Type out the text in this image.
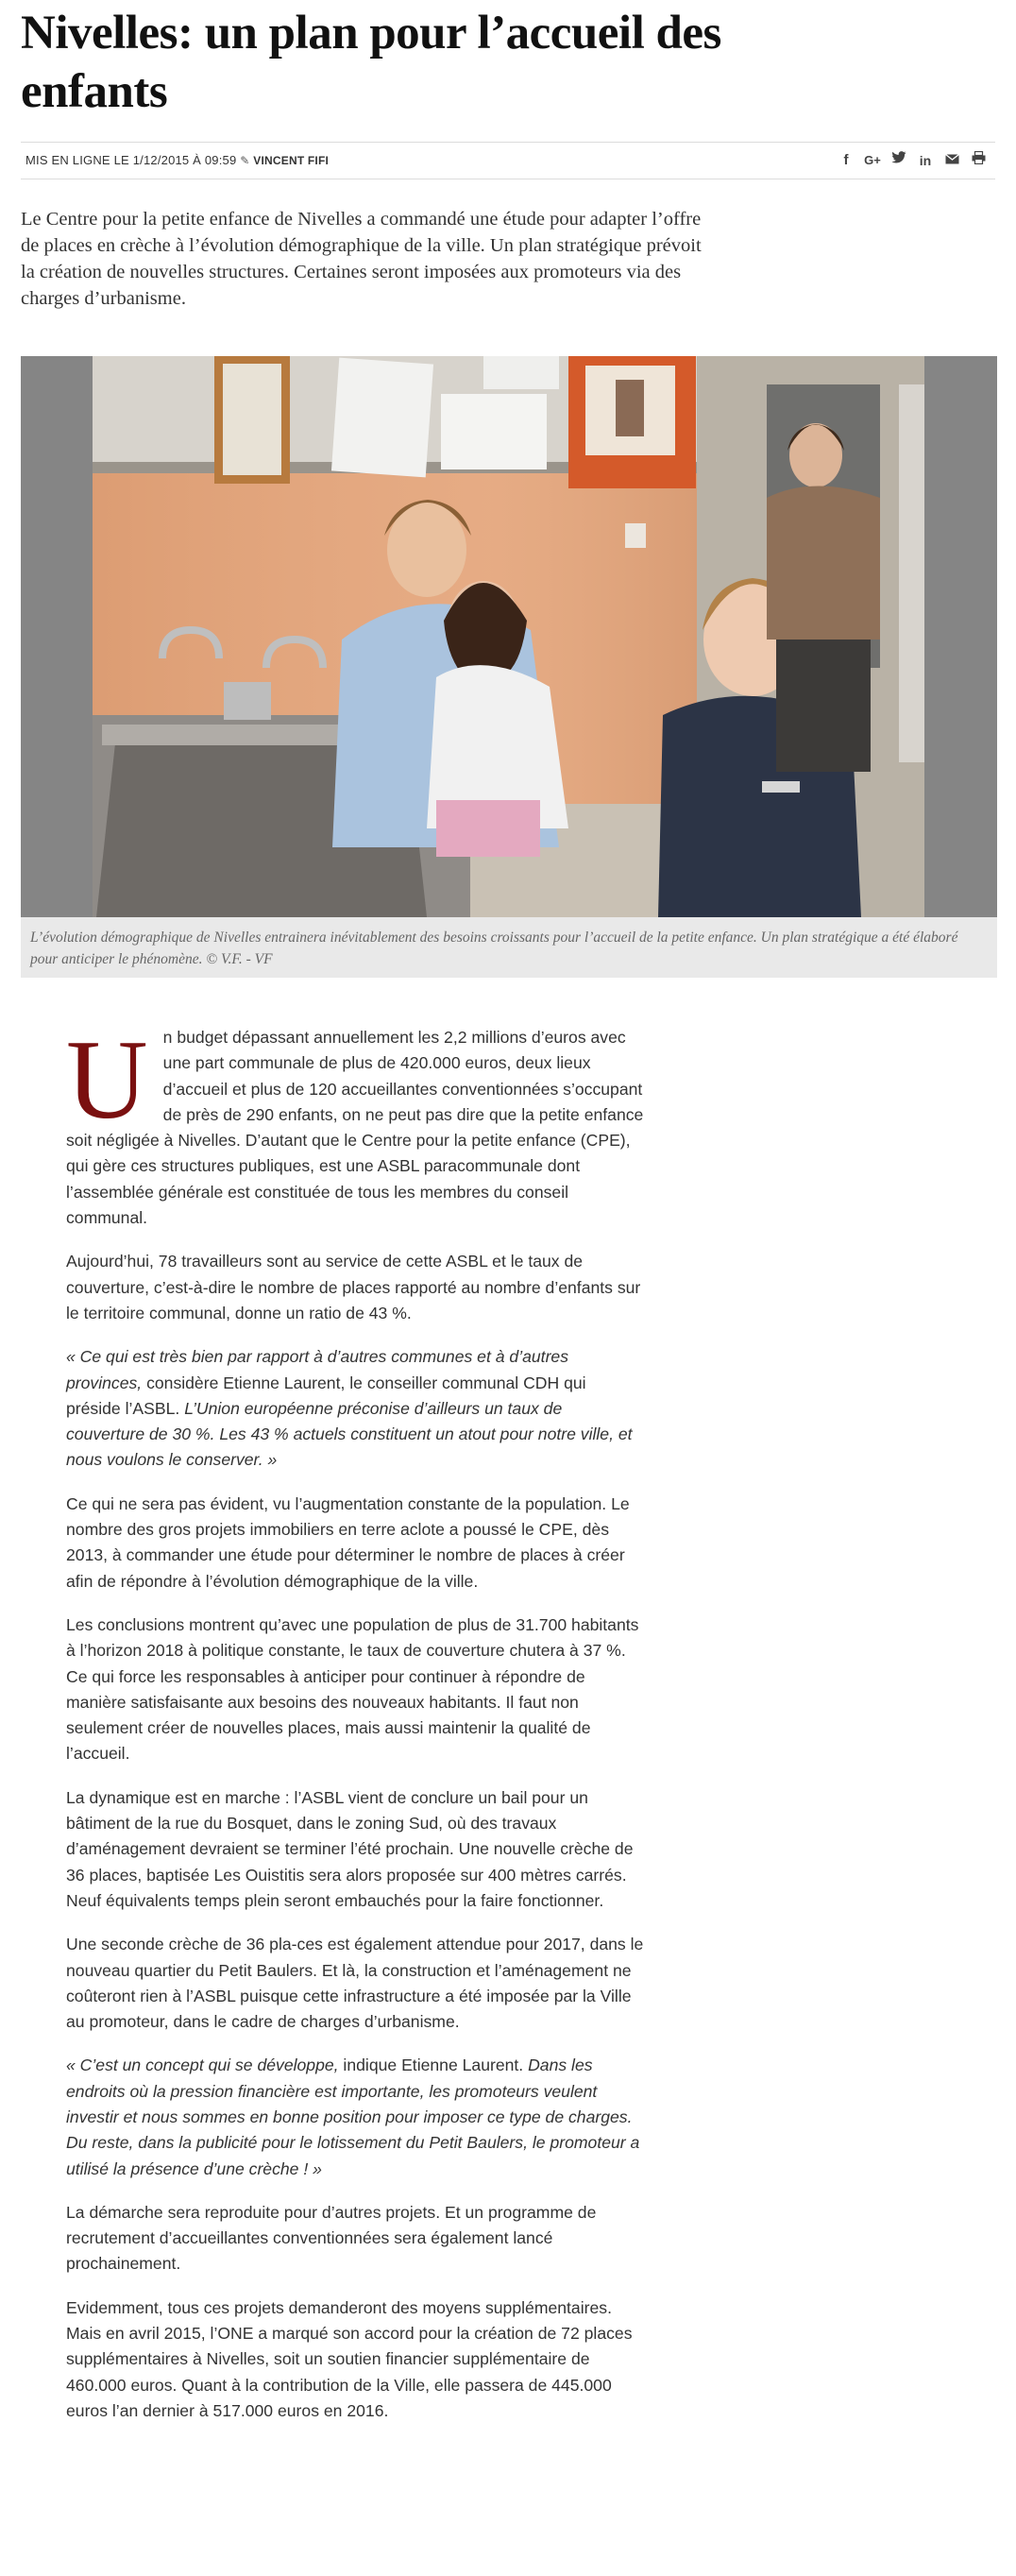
Nivelles: un plan pour l’accueil des enfants
MIS EN LIGNE LE 1/12/2015 À 09:59 ✎ VINCENT FIFI	f	G+	in

Le Centre pour la petite enfance de Nivelles a commandé une étude pour adapter l’offre de places en crèche à l’évolution démographique de la ville. Un plan stratégique prévoit la création de nouvelles structures. Certaines seront imposées aux promoteurs via des charges d’urbanisme.

L’évolution démographique de Nivelles entrainera inévitablement des besoins croissants pour l’accueil de la petite enfance. Un plan stratégique a été élaboré pour anticiper le phénomène. © V.F. - VF

Un budget dépassant annuellement les 2,2 millions d’euros avec une part communale de plus de 420.000 euros, deux lieux d’accueil et plus de 120 accueillantes conventionnées s’occupant de près de 290 enfants, on ne peut pas dire que la petite enfance soit négligée à Nivelles. D’autant que le Centre pour la petite enfance (CPE), qui gère ces structures publiques, est une ASBL paracommunale dont l’assemblée générale est constituée de tous les membres du conseil communal.

Aujourd’hui, 78 travailleurs sont au service de cette ASBL et le taux de couverture, c’est-à-dire le nombre de places rapporté au nombre d’enfants sur le territoire communal, donne un ratio de 43 %.

« Ce qui est très bien par rapport à d’autres communes et à d’autres provinces, considère Etienne Laurent, le conseiller communal CDH qui préside l’ASBL. L’Union européenne préconise d’ailleurs un taux de couverture de 30 %. Les 43 % actuels constituent un atout pour notre ville, et nous voulons le conserver. »

Ce qui ne sera pas évident, vu l’augmentation constante de la population. Le nombre des gros projets immobiliers en terre aclote a poussé le CPE, dès 2013, à commander une étude pour déterminer le nombre de places à créer afin de répondre à l’évolution démographique de la ville.

Les conclusions montrent qu’avec une population de plus de 31.700 habitants à l’horizon 2018 à politique constante, le taux de couverture chutera à 37 %. Ce qui force les responsables à anticiper pour continuer à répondre de manière satisfaisante aux besoins des nouveaux habitants. Il faut non seulement créer de nouvelles places, mais aussi maintenir la qualité de l’accueil.

La dynamique est en marche : l’ASBL vient de conclure un bail pour un bâtiment de la rue du Bosquet, dans le zoning Sud, où des travaux d’aménagement devraient se terminer l’été prochain. Une nouvelle crèche de 36 places, baptisée Les Ouistitis sera alors proposée sur 400 mètres carrés. Neuf équivalents temps plein seront embauchés pour la faire fonctionner.

Une seconde crèche de 36 pla-ces est également attendue pour 2017, dans le nouveau quartier du Petit Baulers. Et là, la construction et l’aménagement ne coûteront rien à l’ASBL puisque cette infrastructure a été imposée par la Ville au promoteur, dans le cadre de charges d’urbanisme.

« C’est un concept qui se développe, indique Etienne Laurent. Dans les endroits où la pression financière est importante, les promoteurs veulent investir et nous sommes en bonne position pour imposer ce type de charges. Du reste, dans la publicité pour le lotissement du Petit Baulers, le promoteur a utilisé la présence d’une crèche ! »

La démarche sera reproduite pour d’autres projets. Et un programme de recrutement d’accueillantes conventionnées sera également lancé prochainement.

Evidemment, tous ces projets demanderont des moyens supplémentaires. Mais en avril 2015, l’ONE a marqué son accord pour la création de 72 places supplémentaires à Nivelles, soit un soutien financier supplémentaire de 460.000 euros. Quant à la contribution de la Ville, elle passera de 445.000 euros l’an dernier à 517.000 euros en 2016.
